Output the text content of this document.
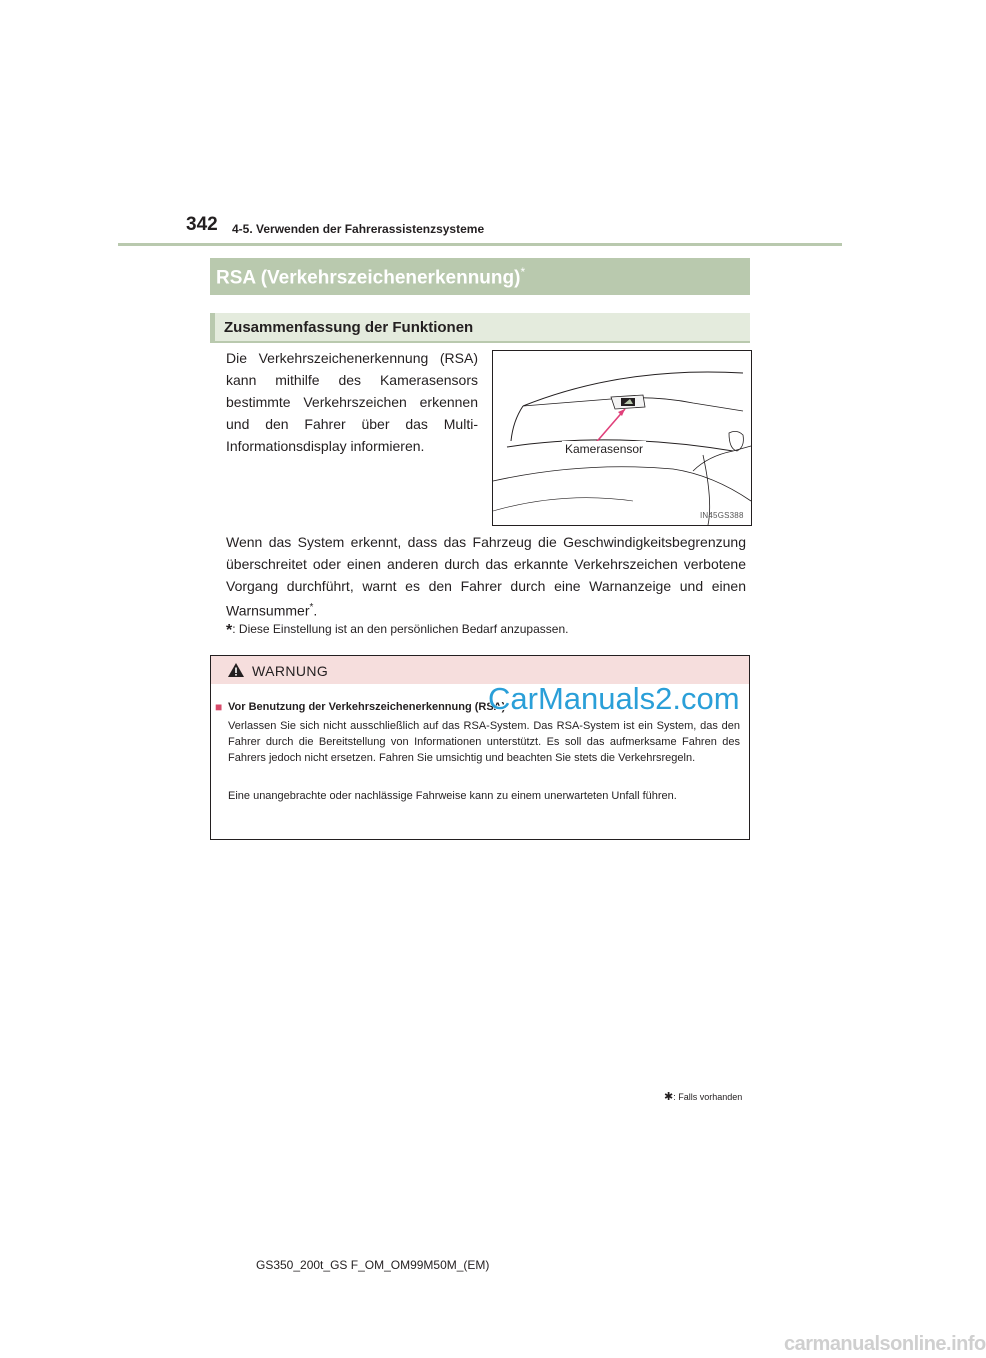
342 4-5. Verwenden der Fahrerassistenzsysteme
RSA (Verkehrszeichenerkennung)*
Zusammenfassung der Funktionen
Die Verkehrszeichenerkennung (RSA) kann mithilfe des Kamerasensors bestimmte Verkehrszeichen erkennen und den Fahrer über das Multi-Informationsdisplay informieren.	Kamerasensor
IN45GS388
Wenn das System erkennt, dass das Fahrzeug die Geschwindigkeitsbegrenzung überschreitet oder einen anderen durch das erkannte Verkehrszeichen verbotene Vorgang durchführt, warnt es den Fahrer durch eine Warnanzeige und einen Warnsummer*.
*: Diese Einstellung ist an den persönlichen Bedarf anzupassen.
WARNUNG
■ Vor Benutzung der Verkehrszeichenerkennung (RSA)
Verlassen Sie sich nicht ausschließlich auf das RSA-System. Das RSA-System ist ein System, das den Fahrer durch die Bereitstellung von Informationen unterstützt. Es soll das aufmerksame Fahren des Fahrers jedoch nicht ersetzen. Fahren Sie umsichtig und beachten Sie stets die Verkehrsregeln.
Eine unangebrachte oder nachlässige Fahrweise kann zu einem unerwarteten Unfall führen.
CarManuals2.com
✱: Falls vorhanden
GS350_200t_GS F_OM_OM99M50M_(EM)
carmanualsonline.info
